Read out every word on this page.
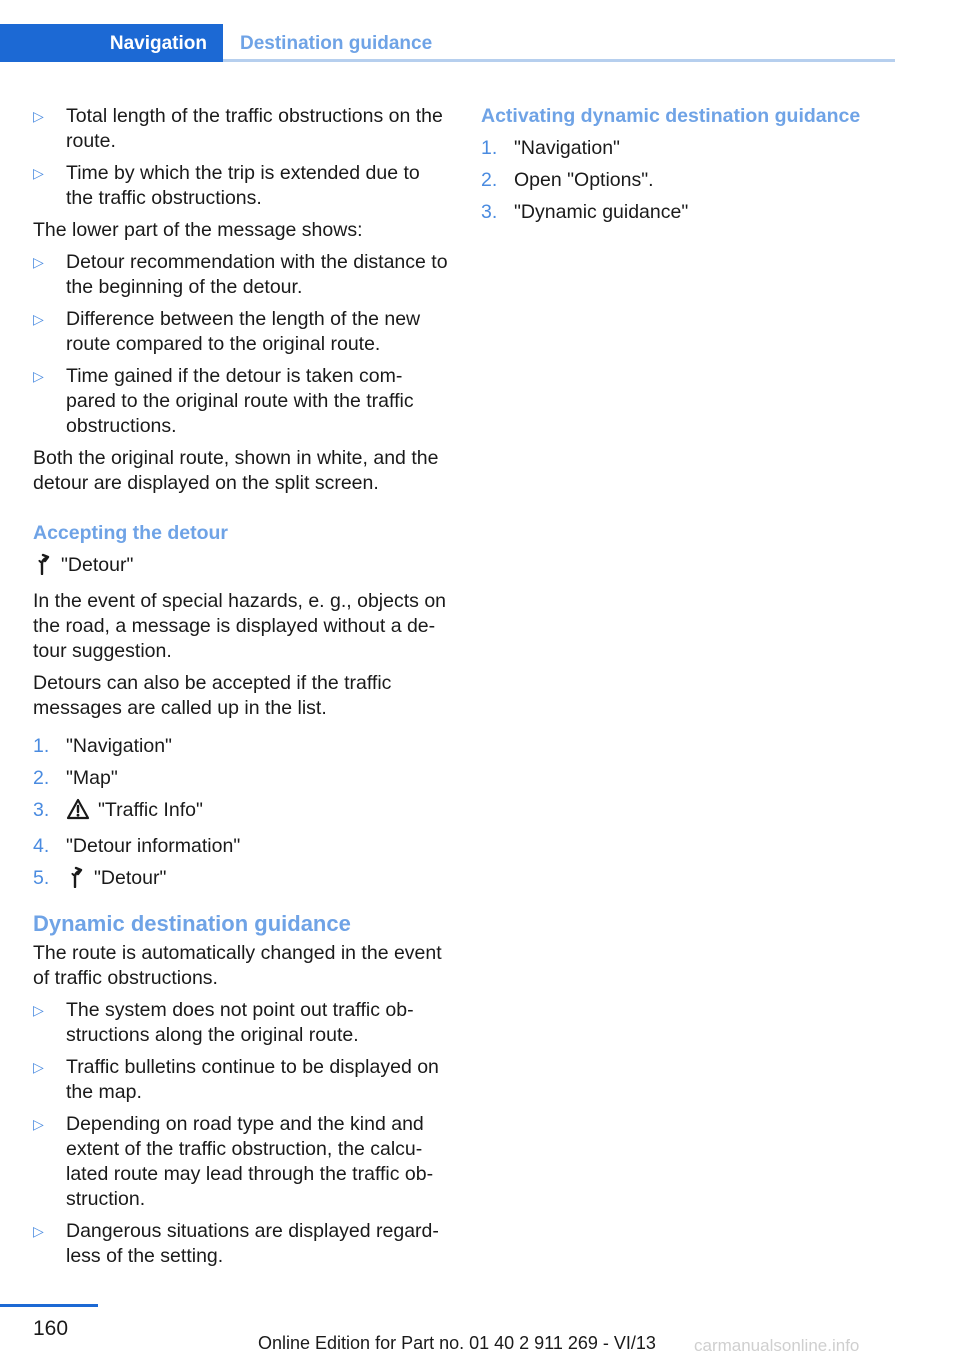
Navigation	Destination guidance
▷ Total length of the traffic obstructions on the route.
▷ Time by which the trip is extended due to the traffic obstructions.

The lower part of the message shows:

▷ Detour recommendation with the distance to the beginning of the detour.
▷ Difference between the length of the new route compared to the original route.
▷ Time gained if the detour is taken com‐ pared to the original route with the traffic obstructions.

Both the original route, shown in white, and the detour are displayed on the split screen.

Accepting the detour

"Detour"

In the event of special hazards, e. g., objects on the road, a message is displayed without a de‐ tour suggestion.

Detours can also be accepted if the traffic messages are called up in the list.

1. "Navigation"
2. "Map"
3. "Traffic Info"
4. "Detour information"
5. "Detour"
Dynamic destination guidance

The route is automatically changed in the event of traffic obstructions.

▷ The system does not point out traffic ob‐ structions along the original route.
▷ Traffic bulletins continue to be displayed on the map.
▷ Depending on road type and the kind and extent of the traffic obstruction, the calcu‐ lated route may lead through the traffic ob‐ struction.
▷ Dangerous situations are displayed regard‐ less of the setting.
Activating dynamic destination guidance
1. "Navigation"
2. Open "Options".
3. "Dynamic guidance"
160
Online Edition for Part no. 01 40 2 911 269 - VI/13 carmanualsonline.info
